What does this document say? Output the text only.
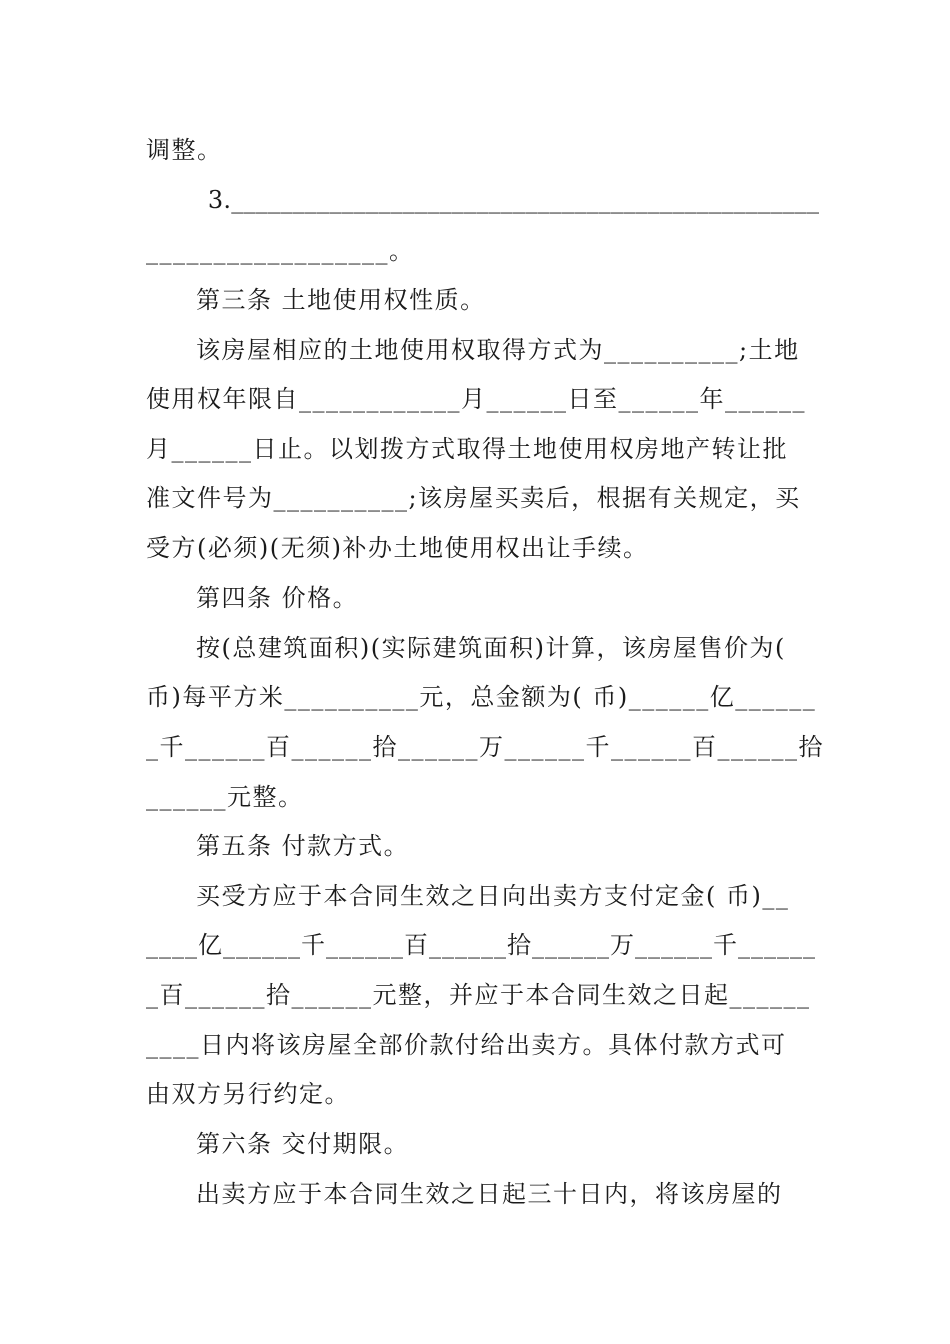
调整。
3.________________________________________________
__________________。
第三条 土地使用权性质。
该房屋相应的土地使用权取得方式为__________;土地
使用权年限自____________月______日至______年______
月______日止。以划拨方式取得土地使用权房地产转让批
准文件号为__________;该房屋买卖后，根据有关规定，买
受方(必须)(无须)补办土地使用权出让手续。
第四条 价格。
按(总建筑面积)(实际建筑面积)计算，该房屋售价为(
币)每平方米__________元，总金额为( 币)______亿______
_千______百______拾______万______千______百______拾
______元整。
第五条 付款方式。
买受方应于本合同生效之日向出卖方支付定金( 币)__
____亿______千______百______拾______万______千______
_百______拾______元整，并应于本合同生效之日起______
____日内将该房屋全部价款付给出卖方。具体付款方式可
由双方另行约定。
第六条 交付期限。
出卖方应于本合同生效之日起三十日内，将该房屋的
